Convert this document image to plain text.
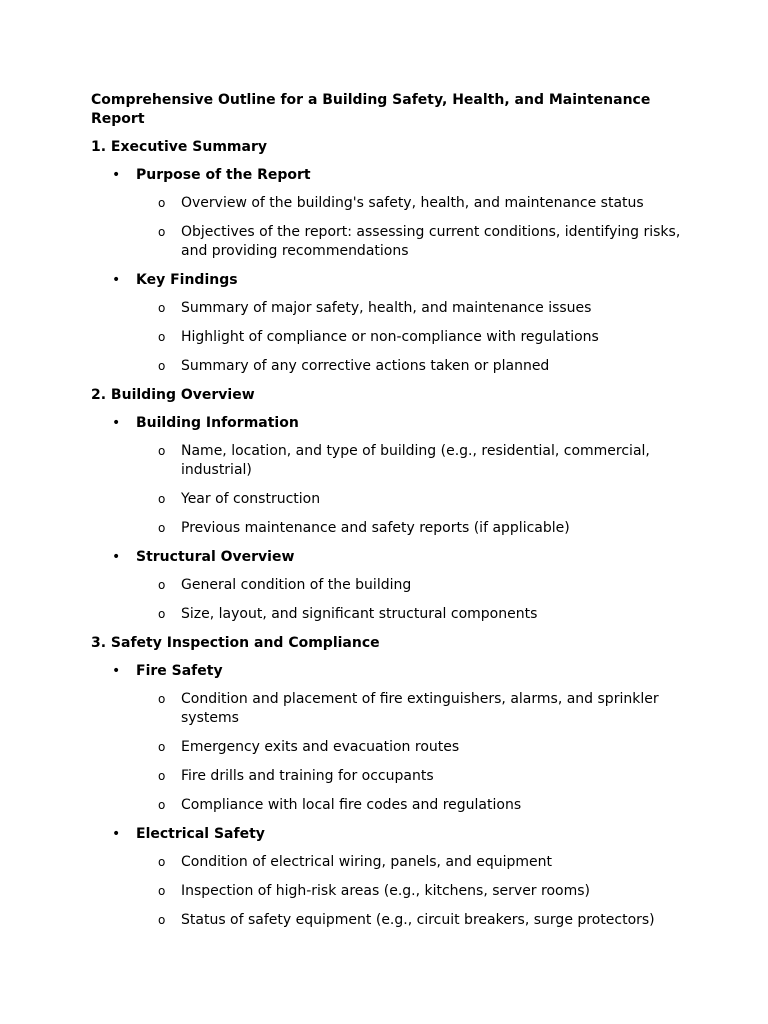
Comprehensive Outline for a Building Safety, Health, and Maintenance Report
1. Executive Summary
• Purpose of the Report
o Overview of the building's safety, health, and maintenance status
o Objectives of the report: assessing current conditions, identifying risks, and providing recommendations
• Key Findings
o Summary of major safety, health, and maintenance issues
o Highlight of compliance or non-compliance with regulations
o Summary of any corrective actions taken or planned
2. Building Overview
• Building Information
o Name, location, and type of building (e.g., residential, commercial, industrial)
o Year of construction
o Previous maintenance and safety reports (if applicable)
• Structural Overview
o General condition of the building
o Size, layout, and significant structural components
3. Safety Inspection and Compliance
• Fire Safety
o Condition and placement of fire extinguishers, alarms, and sprinkler systems
o Emergency exits and evacuation routes
o Fire drills and training for occupants
o Compliance with local fire codes and regulations
• Electrical Safety
o Condition of electrical wiring, panels, and equipment
o Inspection of high-risk areas (e.g., kitchens, server rooms)
o Status of safety equipment (e.g., circuit breakers, surge protectors)
